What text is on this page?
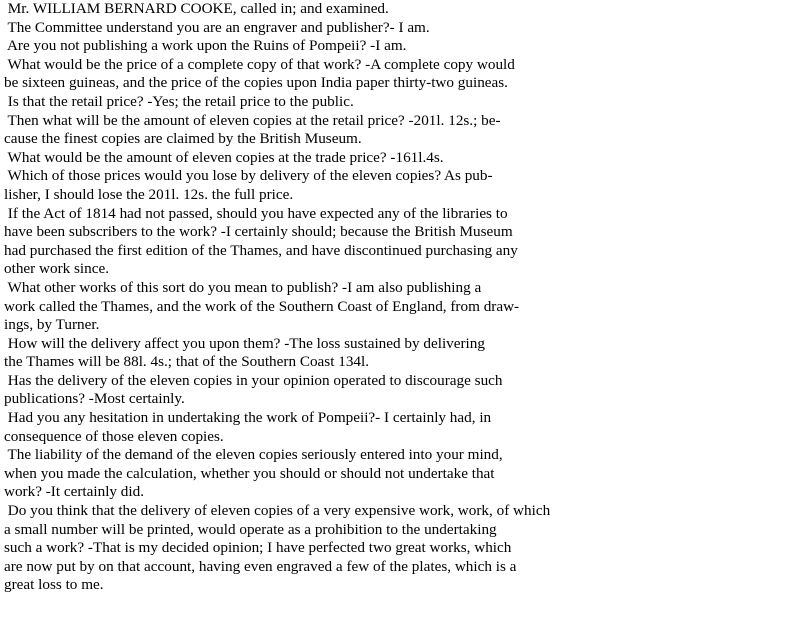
Mr. WILLIAM BERNARD COOKE, called in; and examined.
The Committee understand you are an engraver and publisher?- I am.
Are you not publishing a work upon the Ruins of Pompeii? -I am.
What would be the price of a complete copy of that work? -A complete copy would
be sixteen guineas, and the price of the copies upon India paper thirty-two guineas.
Is that the retail price? -Yes; the retail price to the public.
Then what will be the amount of eleven copies at the retail price? -201l. 12s.; be-
cause the finest copies are claimed by the British Museum.
What would be the amount of eleven copies at the trade price? -161l.4s.
Which of those prices would you lose by delivery of the eleven copies? As pub-
lisher, I should lose the 201l. 12s. the full price.
If the Act of 1814 had not passed, should you have expected any of the libraries to
have been subscribers to the work? -I certainly should; because the British Museum
had purchased the first edition of the Thames, and have discontinued purchasing any
other work since.
What other works of this sort do you mean to publish? -I am also publishing a
work called the Thames, and the work of the Southern Coast of England, from draw-
ings, by Turner.
How will the delivery affect you upon them? -The loss sustained by delivering
the Thames will be 88l. 4s.; that of the Southern Coast 134l.
Has the delivery of the eleven copies in your opinion operated to discourage such
publications? -Most certainly.
Had you any hesitation in undertaking the work of Pompeii?- I certainly had, in
consequence of those eleven copies.
The liability of the demand of the eleven copies seriously entered into your mind,
when you made the calculation, whether you should or should not undertake that
work? -It certainly did.
Do you think that the delivery of eleven copies of a very expensive work, work, of which
a small number will be printed, would operate as a prohibition to the undertaking
such a work? -That is my decided opinion; I have perfected two great works, which
are now put by on that account, having even engraved a few of the plates, which is a
great loss to me.
